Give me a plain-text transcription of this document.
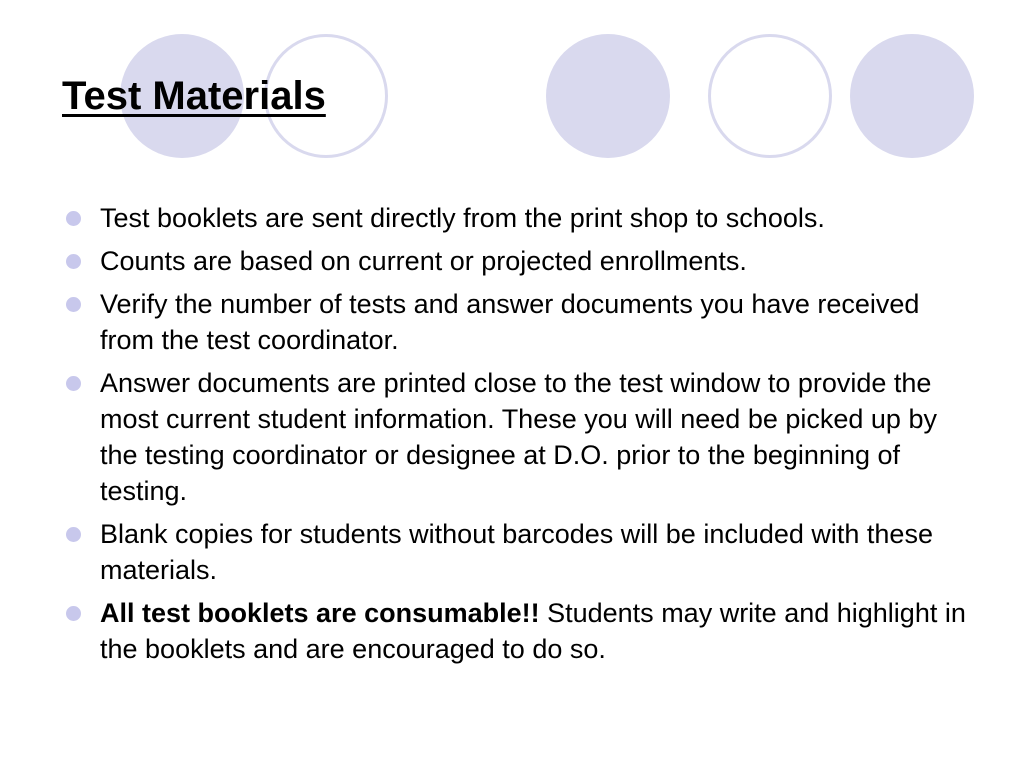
Test Materials
Test booklets are sent directly from the print shop to schools.
Counts are based on current or projected enrollments.
Verify the number of tests and answer documents you have received from the test coordinator.
Answer documents are printed close to the test window to provide the most current student information. These you will need be picked up by the testing coordinator or designee at D.O. prior to the beginning of testing.
Blank copies for students without barcodes will be included with these materials.
All test booklets are consumable!! Students may write and highlight in the booklets and are encouraged to do so.
